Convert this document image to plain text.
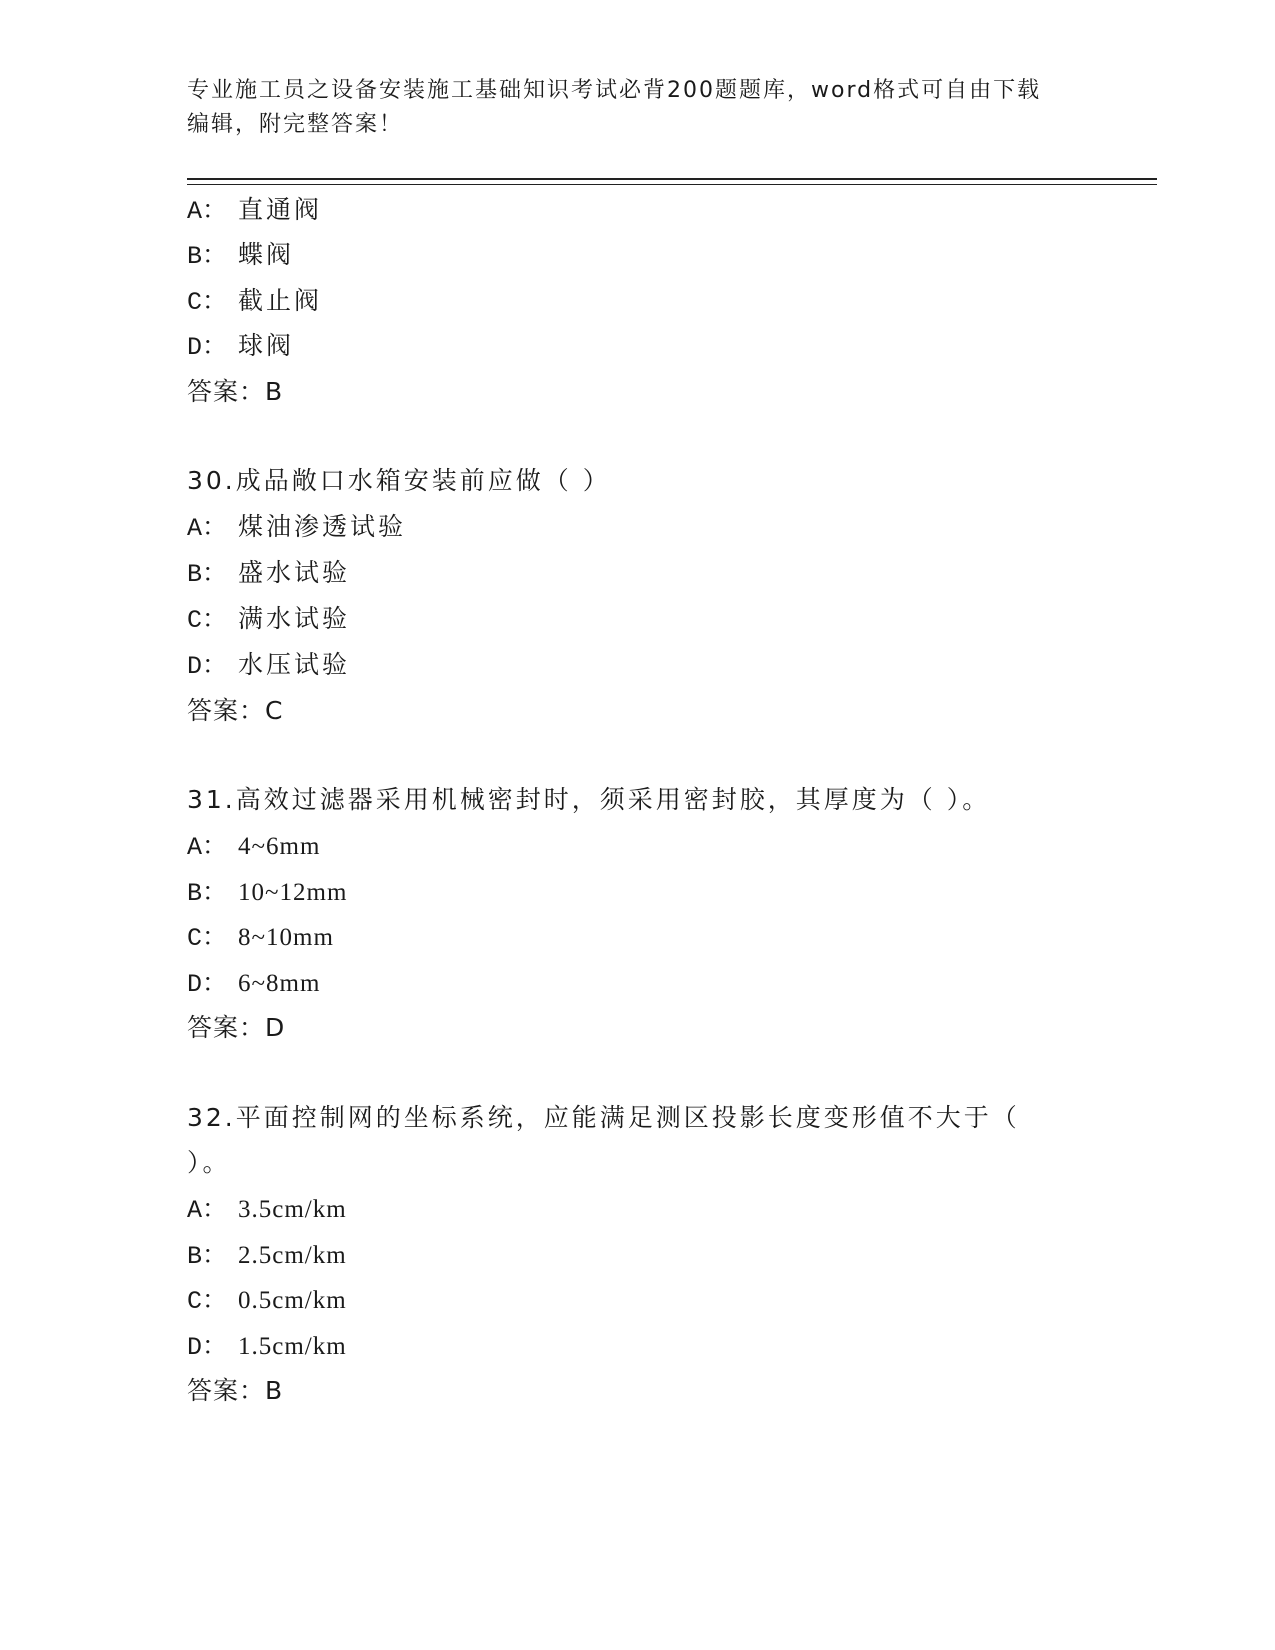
专业施工员之设备安装施工基础知识考试必背200题题库，word格式可自由下载
编辑，附完整答案！
A： 直通阀
B： 蝶阀
C： 截止阀
D： 球阀
答案：B
30.成品敞口水箱安装前应做（ ）
A： 煤油渗透试验
B： 盛水试验
C： 满水试验
D： 水压试验
答案：C
31.高效过滤器采用机械密封时，须采用密封胶，其厚度为（ ）。
A： 4~6mm
B： 10~12mm
C： 8~10mm
D： 6~8mm
答案：D
32.平面控制网的坐标系统，应能满足测区投影长度变形值不大于（
）。
A： 3.5cm/km
B： 2.5cm/km
C： 0.5cm/km
D： 1.5cm/km
答案：B
